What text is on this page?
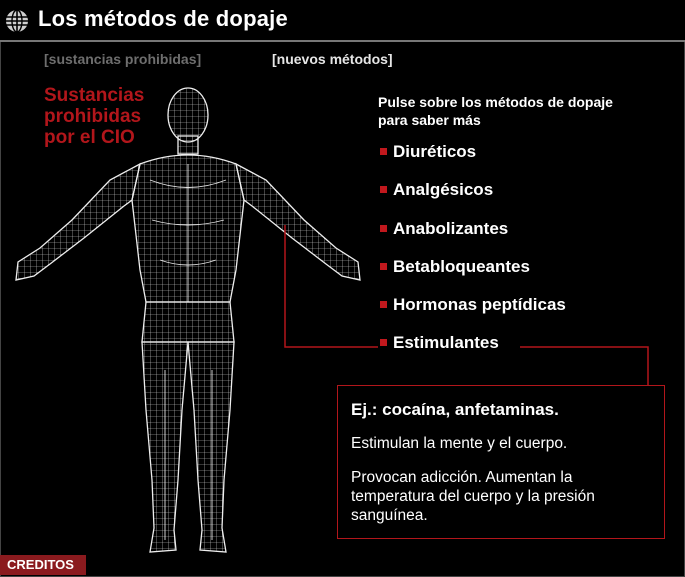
Los métodos de dopaje
[sustancias prohibidas]	[nuevos métodos]
Sustancias
prohibidas
por el CIO
Pulse sobre los métodos de dopaje
para saber más
Diuréticos
Analgésicos
Anabolizantes
Betabloqueantes
Hormonas peptídicas
Estimulantes
Ej.: cocaína, anfetaminas.
Estimulan la mente y el cuerpo.
Provocan adicción. Aumentan la temperatura del cuerpo y la presión sanguínea.
CREDITOS
